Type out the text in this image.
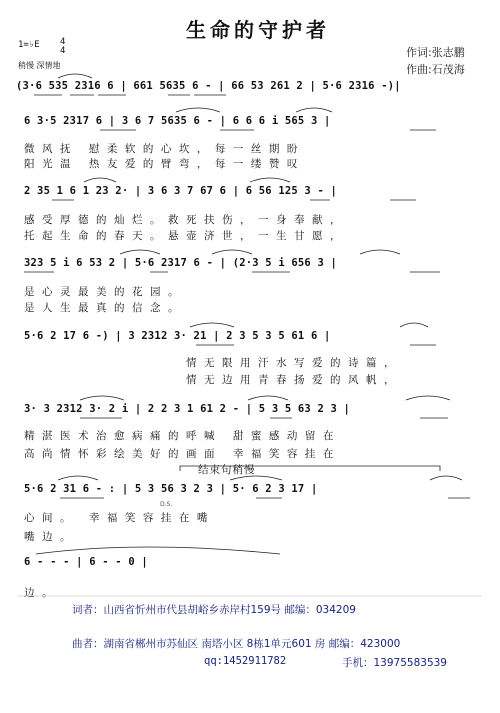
生命的守护者
1=♭E 4
4
稍慢 深情地
作词:张志鹏
作曲:石茂海
(3·6 535 2316 6 | 661 5635 6 - | 66 53 261 2 | 5·6 2316 -)|
6 3·5 2317 6 | 3 6 7 5635 6 - | 6 6 6 i 565 3 |
微风抚 慰柔软的心坎，每一丝期盼
阳光温 热友爱的臂弯，每一缕赞叹
2 35 1 6 1 23 2· | 3 6 3 7 67 6 | 6 56 125 3 - |
感受厚德的灿烂。救死扶伤，一身奉献，
托起生命的春天。悬壶济世，一生甘愿，
323 5 i 6 53 2 | 5·6 2317 6 - | (2·3 5 i 656 3 |
是心灵最美的花园。
是人生最真的信念。
5·6 2 17 6 -) | 3 2312 3· 21 | 2 3 5 3 5 61 6 |
情无限用汗水写爱的诗篇，
情无边用青春扬爱的风帆，
3· 3 2312 3· 2 i | 2 2 3 1 61 2 - | 5 3 5 63 2 3 |
精湛医术治愈病痛的呼喊 甜蜜感动留在
高尚情怀彩绘美好的画面 幸福笑容挂在
结束句稍慢
5·6 2 31 6 - : | 5 3 56 3 2 3 | 5· 6 2 3 17 |
D.S.
心间。 幸福笑容挂在嘴
嘴边。
6 - - - | 6 - - 0 |
边。
词者：山西省忻州市代县胡峪乡赤岸村159号 邮编：034209
曲者：湖南省郴州市苏仙区 南塔小区 8栋1单元601 房 邮编：423000
qq:1452911782	手机：13975583539
